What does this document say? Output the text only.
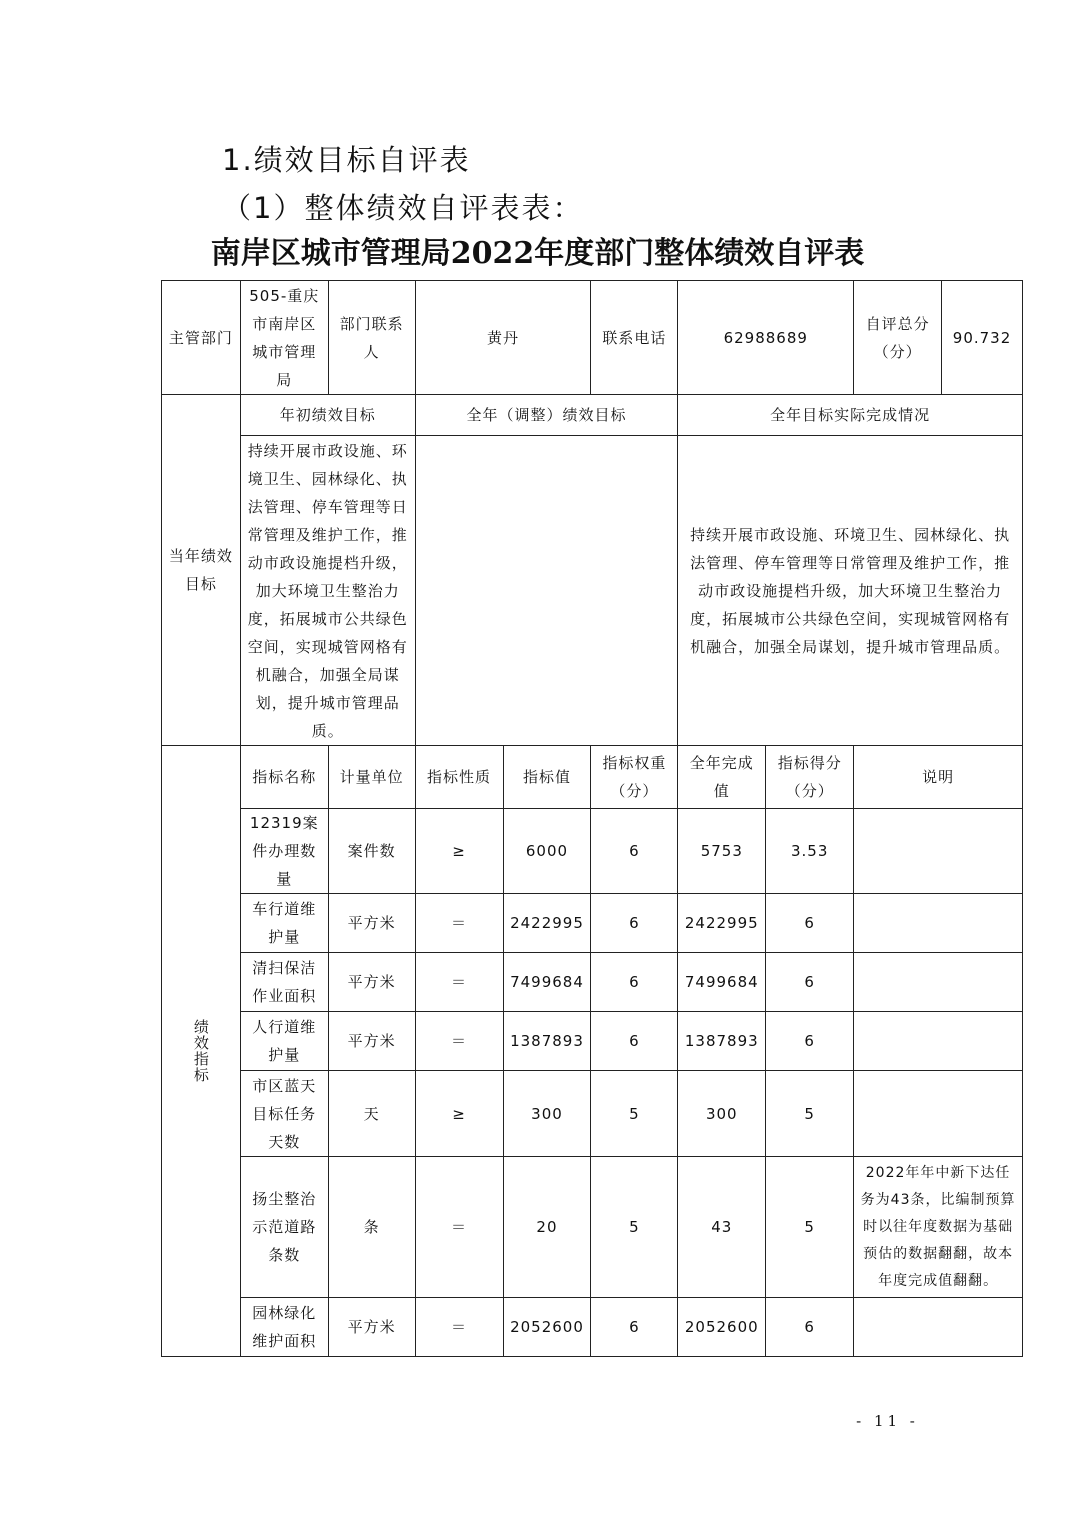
1.绩效目标自评表
（1）整体绩效自评表表：
南岸区城市管理局2022年度部门整体绩效自评表
主管部门	505-重庆市南岸区城市管理局	部门联系人	黄丹		联系电话	62988689		自评总分（分）	90.732
当年绩效目标	年初绩效目标		全年（调整）绩效目标			全年目标实际完成情况			
	持续开展市政设施、环境卫生、园林绿化、执法管理、停车管理等日常管理及维护工作，推动市政设施提档升级，加大环境卫生整治力度，拓展城市公共绿色空间，实现城管网格有机融合，加强全局谋划，提升城市管理品质。					持续开展市政设施、环境卫生、园林绿化、执法管理、停车管理等日常管理及维护工作，推动市政设施提档升级，加大环境卫生整治力度，拓展城市公共绿色空间，实现城管网格有机融合，加强全局谋划，提升城市管理品质。			
绩效指标	指标名称	计量单位	指标性质	指标值	指标权重（分）	全年完成值	指标得分（分）	说明	
	12319案件办理数量	案件数	≥	6000	6	5753	3.53		
	车行道维护量	平方米	＝	2422995	6	2422995	6		
	清扫保洁作业面积	平方米	＝	7499684	6	7499684	6		
	人行道维护量	平方米	＝	1387893	6	1387893	6		
	市区蓝天目标任务天数	天	≥	300	5	300	5		
	扬尘整治示范道路条数	条	＝	20	5	43	5	2022年年中新下达任务为43条，比编制预算时以往年度数据为基础预估的数据翻翻，故本年度完成值翻翻。	
	园林绿化维护面积	平方米	＝	2052600	6	2052600	6		
- 11 -
